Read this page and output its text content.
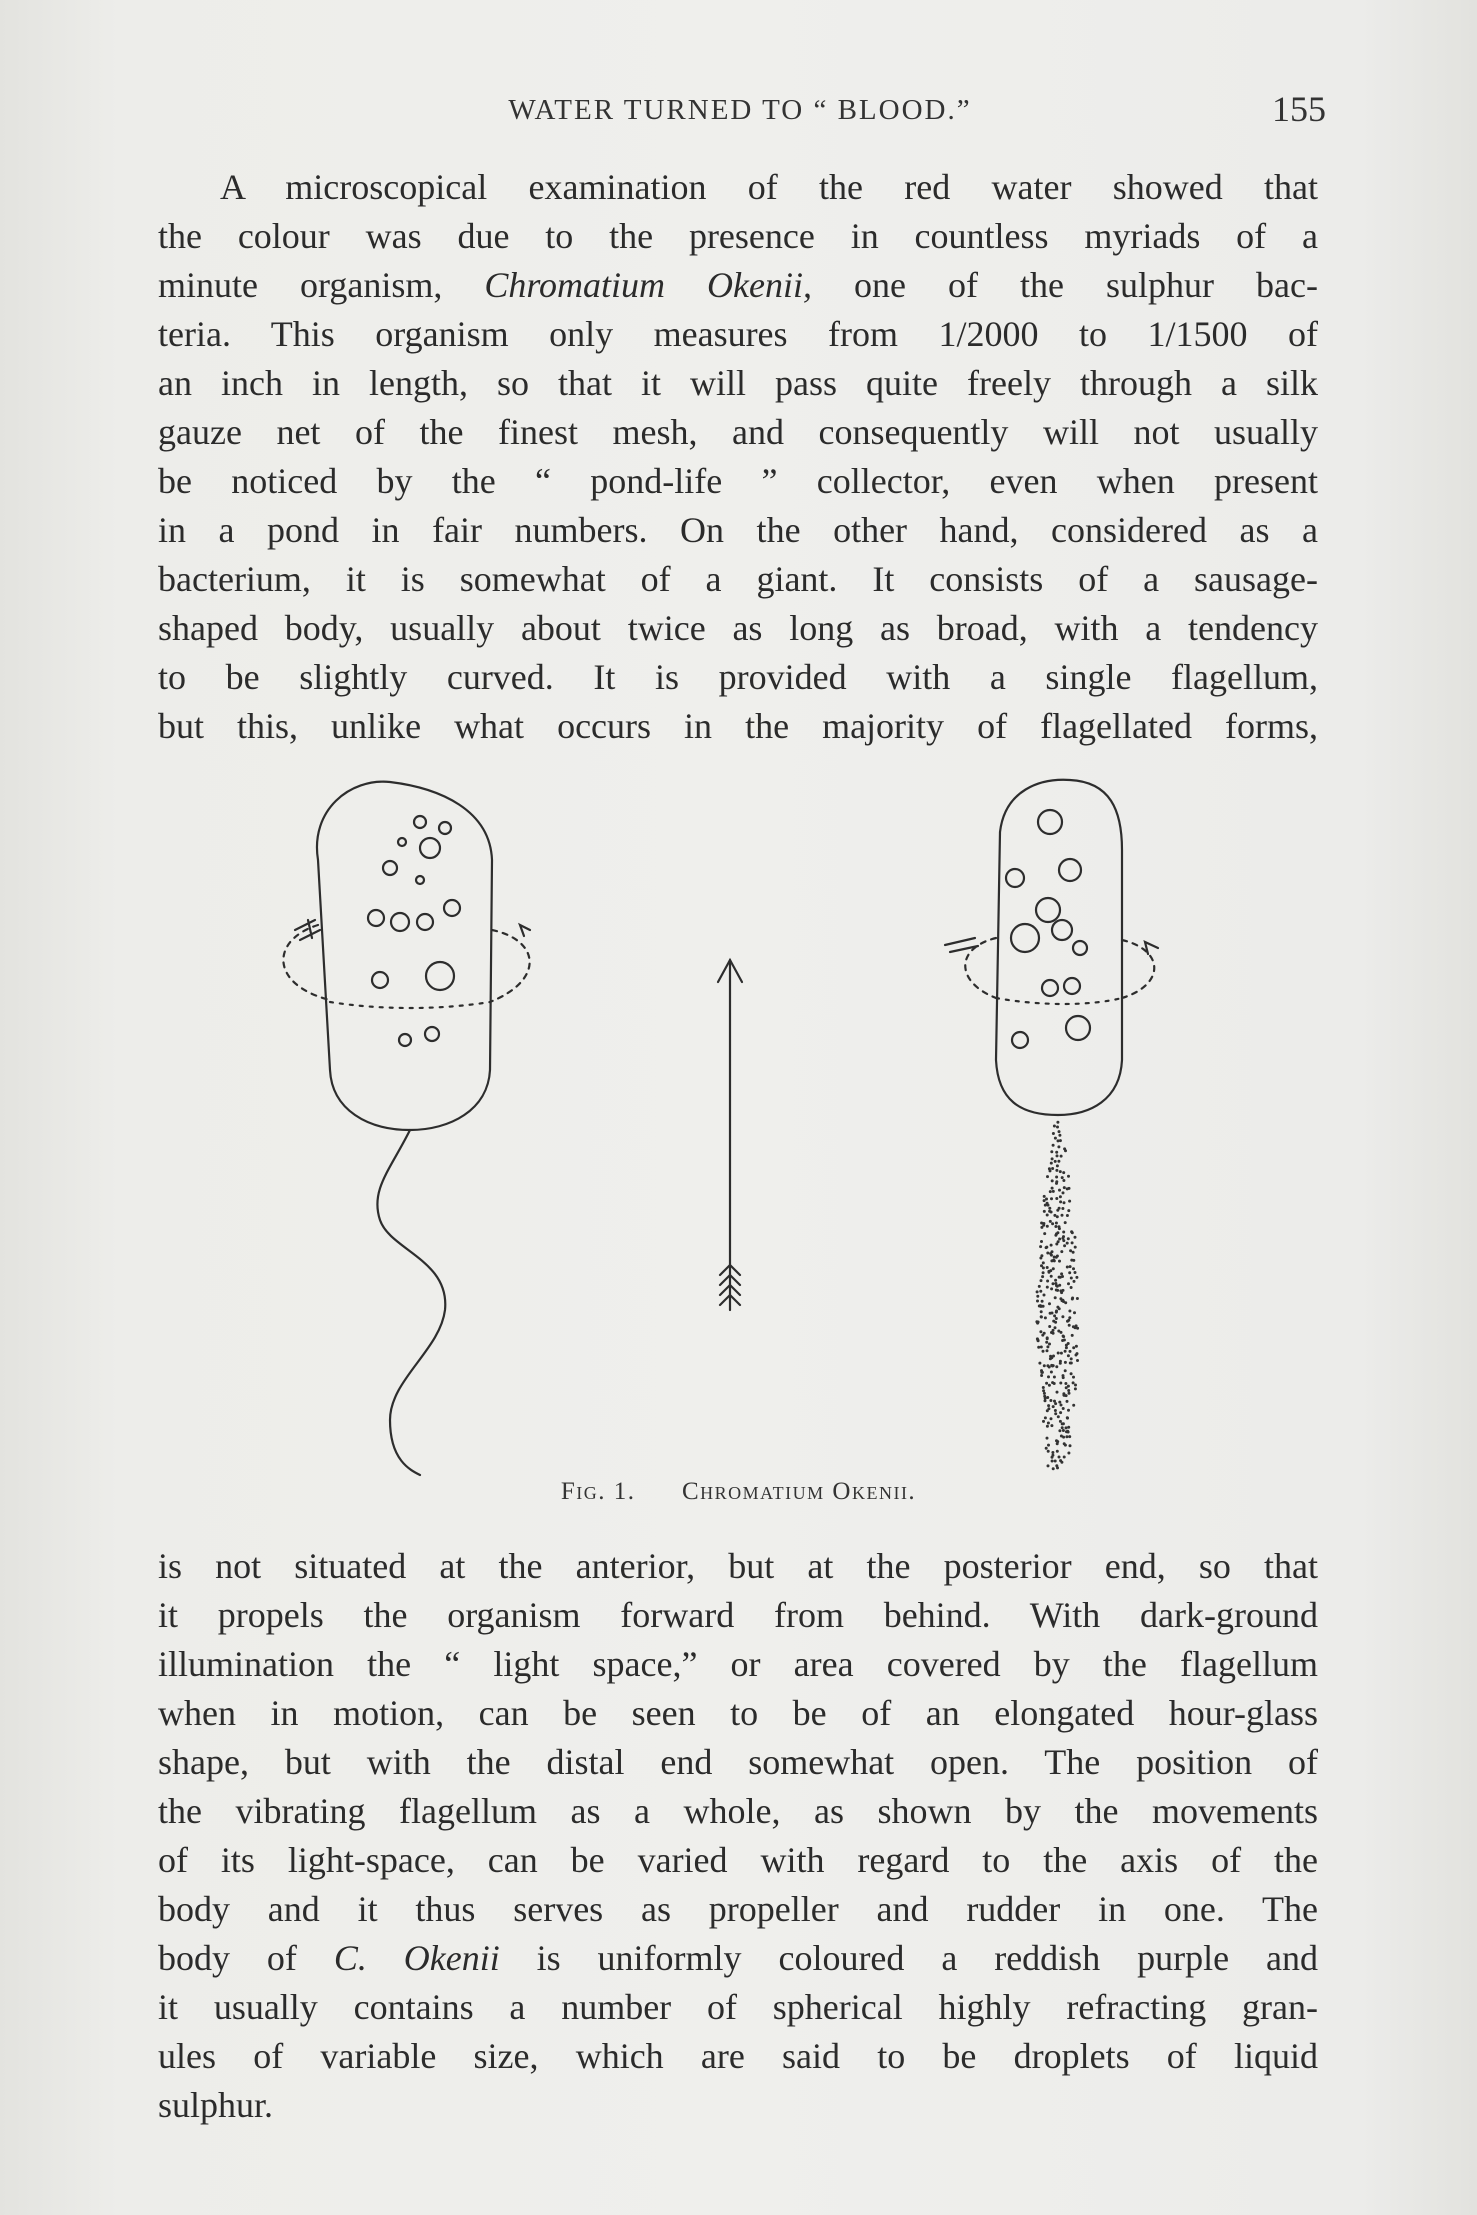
WATER TURNED TO “ BLOOD.”	155
A microscopical examination of the red water showed that
the colour was due to the presence in countless myriads of a
minute organism, Chromatium Okenii, one of the sulphur bac-
teria. This organism only measures from 1/2000 to 1/1500 of
an inch in length, so that it will pass quite freely through a silk
gauze net of the finest mesh, and consequently will not usually
be noticed by the “ pond-life ” collector, even when present
in a pond in fair numbers. On the other hand, considered as a
bacterium, it is somewhat of a giant. It consists of a sausage-
shaped body, usually about twice as long as broad, with a tendency
to be slightly curved. It is provided with a single flagellum,
but this, unlike what occurs in the majority of flagellated forms,
Fig. 1. Chromatium Okenii.
is not situated at the anterior, but at the posterior end, so that
it propels the organism forward from behind. With dark-ground
illumination the “ light space,” or area covered by the flagellum
when in motion, can be seen to be of an elongated hour-glass
shape, but with the distal end somewhat open. The position of
the vibrating flagellum as a whole, as shown by the movements
of its light-space, can be varied with regard to the axis of the
body and it thus serves as propeller and rudder in one. The
body of C. Okenii is uniformly coloured a reddish purple and
it usually contains a number of spherical highly refracting gran-
ules of variable size, which are said to be droplets of liquid
sulphur.
